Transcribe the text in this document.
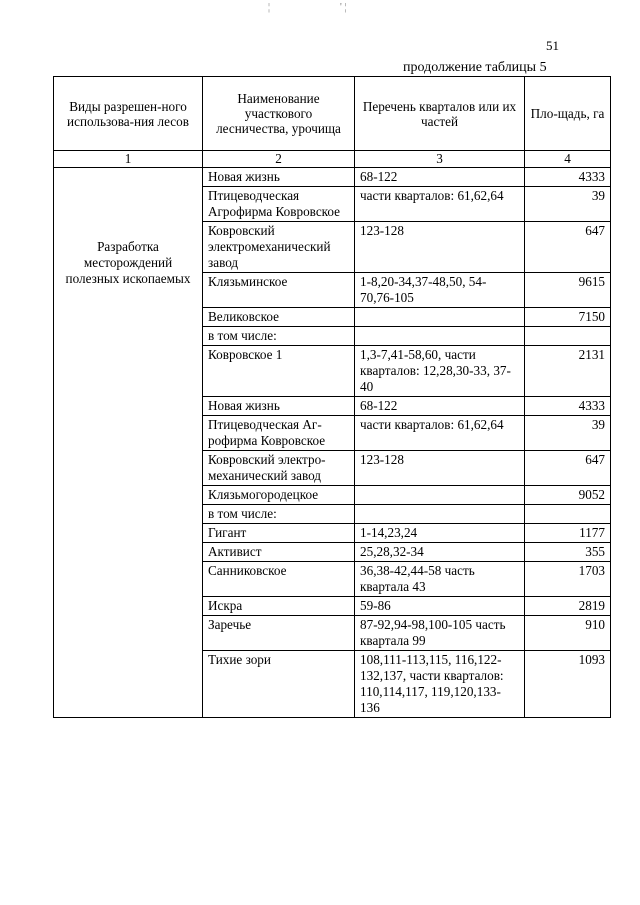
51
¦	' ¦
продолжение таблицы 5
Виды разрешен-ного использова-ния лесов	Наименование участкового лесничества, урочища	Перечень кварталов или их частей	Пло-щадь, га
1	2	3	4

Разработка месторождений полезных ископаемых	Новая жизнь	68-122	4333
	Птицеводческая Агрофирма Ковровское	части кварталов: 61,62,64	39
	Ковровский электромеханический завод	123-128	647
	Клязьминское	1-8,20-34,37-48,50, 54-70,76-105	9615
	Великовское		7150
	в том числе:		
	Ковровское 1	1,3-7,41-58,60, части кварталов: 12,28,30-33, 37-40	2131
	Новая жизнь	68-122	4333
	Птицеводческая Аг-рофирма Ковровское	части кварталов: 61,62,64	39
	Ковровский электро-механический завод	123-128	647
	Клязьмогородецкое		9052
	в том числе:		
	Гигант	1-14,23,24	1177
	Активист	25,28,32-34	355
	Санниковское	36,38-42,44-58 часть квартала 43	1703
	Искра	59-86	2819
	Заречье	87-92,94-98,100-105 часть квартала 99	910
	Тихие зори	108,111-113,115, 116,122-132,137, части кварталов: 110,114,117, 119,120,133-136	1093
